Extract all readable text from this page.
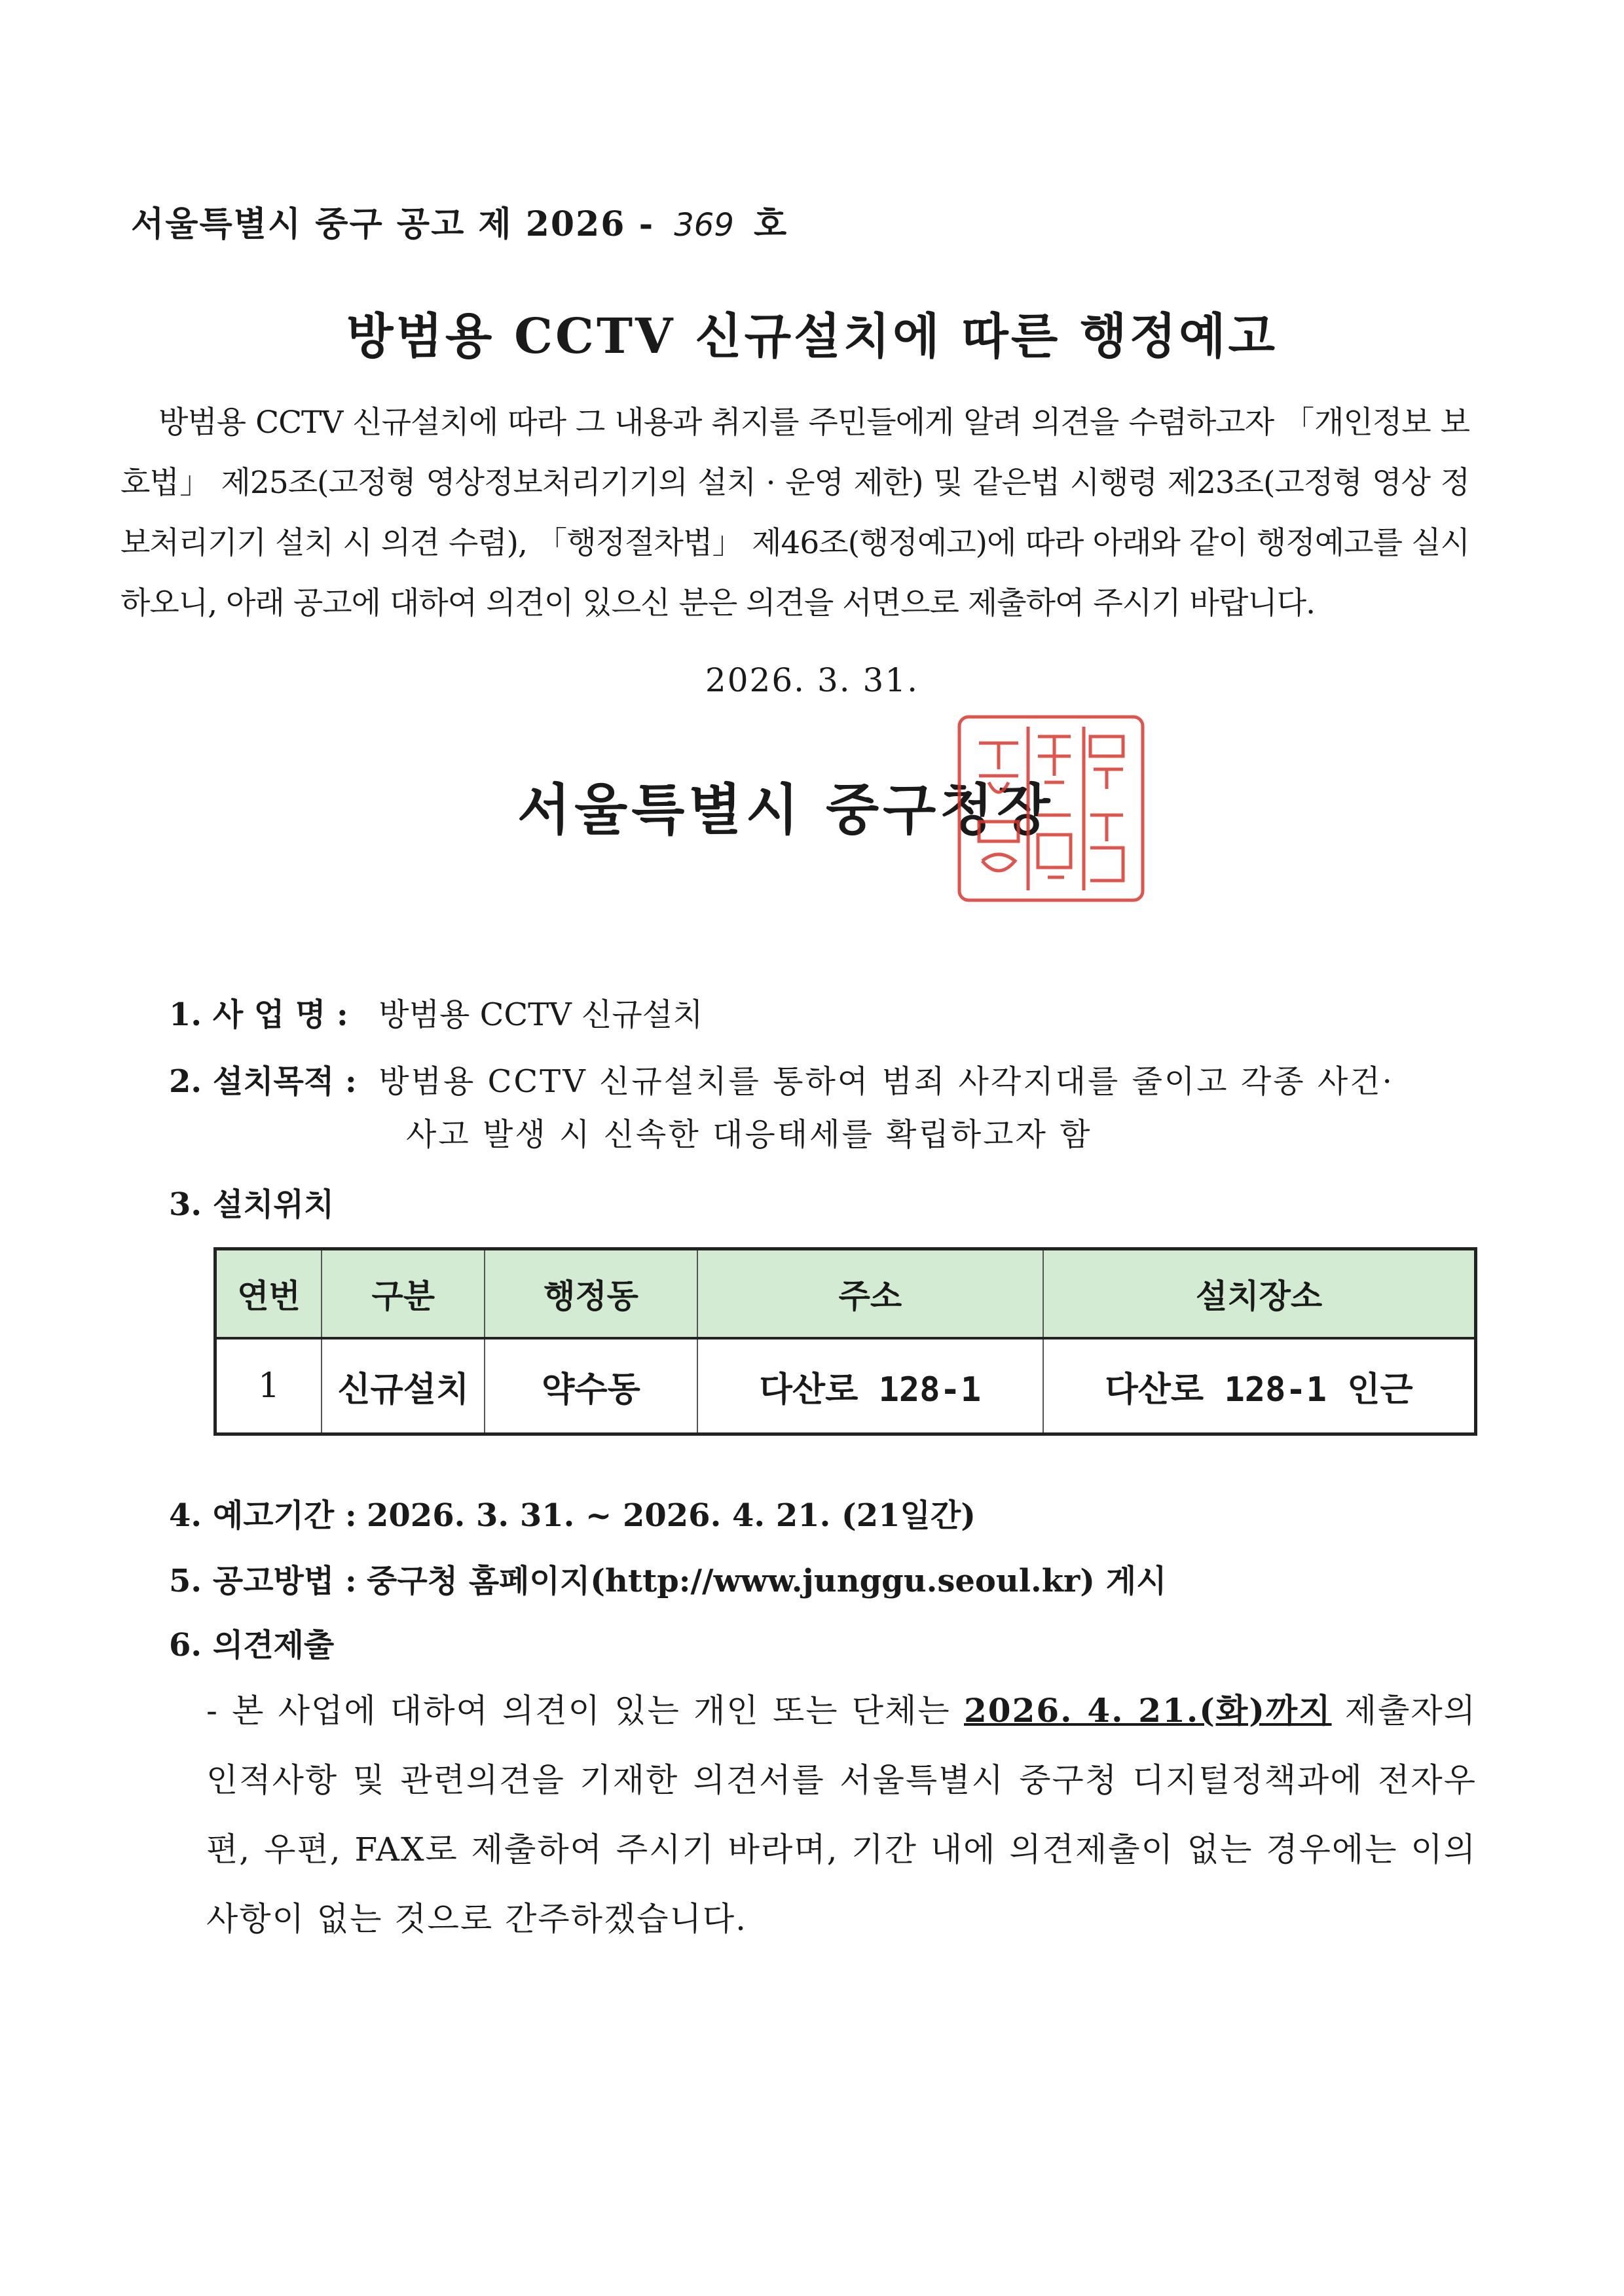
서울특별시 중구 공고 제 2026 - 369 호
방범용 CCTV 신규설치에 따른 행정예고
방범용 CCTV 신규설치에 따라 그 내용과 취지를 주민들에게 알려 의견을 수렴하고자 「개인정보 보호법」 제25조(고정형 영상정보처리기기의 설치 · 운영 제한) 및 같은법 시행령 제23조(고정형 영상 정보처리기기 설치 시 의견 수렴), 「행정절차법」 제46조(행정예고)에 따라 아래와 같이 행정예고를 실시하오니, 아래 공고에 대하여 의견이 있으신 분은 의견을 서면으로 제출하여 주시기 바랍니다.
2026. 3. 31.
서울특별시 중구청장
1. 사 업 명 : 방범용 CCTV 신규설치
2. 설치목적 : 방범용 CCTV 신규설치를 통하여 범죄 사각지대를 줄이고 각종 사건·
사고 발생 시 신속한 대응태세를 확립하고자 함
3. 설치위치
연번	구분	행정동	주소	설치장소
1	신규설치	약수동	다산로 128-1	다산로 128-1 인근
4. 예고기간 : 2026. 3. 31. ~ 2026. 4. 21. (21일간)
5. 공고방법 : 중구청 홈페이지(http://www.junggu.seoul.kr) 게시
6. 의견제출
- 본 사업에 대하여 의견이 있는 개인 또는 단체는 2026. 4. 21.(화)까지 제출자의 인적사항 및 관련의견을 기재한 의견서를 서울특별시 중구청 디지털정책과에 전자우편, 우편, FAX로 제출하여 주시기 바라며, 기간 내에 의견제출이 없는 경우에는 이의사항이 없는 것으로 간주하겠습니다.
